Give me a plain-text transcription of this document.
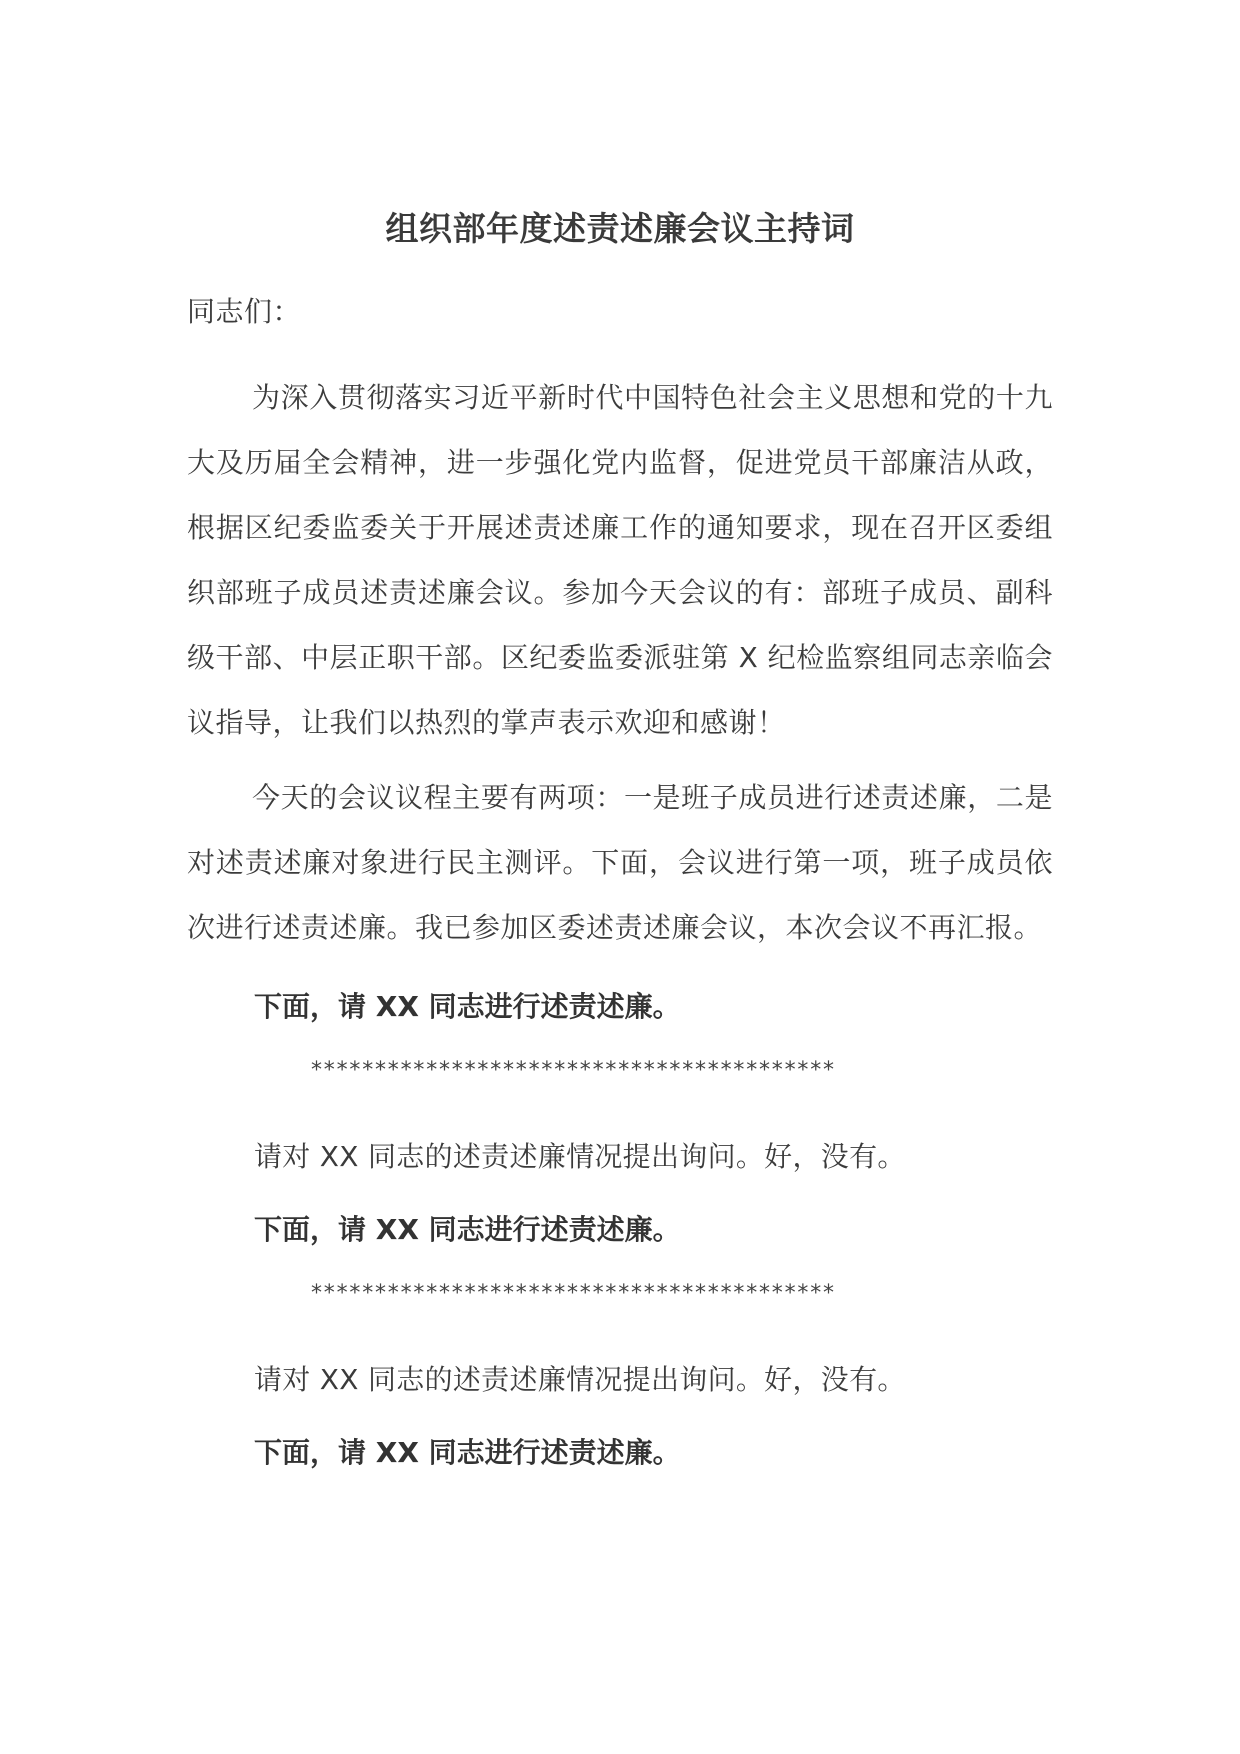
组织部年度述责述廉会议主持词
同志们：
为深入贯彻落实习近平新时代中国特色社会主义思想和党的十九大及历届全会精神，进一步强化党内监督，促进党员干部廉洁从政，根据区纪委监委关于开展述责述廉工作的通知要求，现在召开区委组织部班子成员述责述廉会议。参加今天会议的有：部班子成员、副科级干部、中层正职干部。区纪委监委派驻第 X 纪检监察组同志亲临会议指导，让我们以热烈的掌声表示欢迎和感谢！
今天的会议议程主要有两项：一是班子成员进行述责述廉，二是对述责述廉对象进行民主测评。下面，会议进行第一项，班子成员依次进行述责述廉。我已参加区委述责述廉会议，本次会议不再汇报。
下面，请 XX 同志进行述责述廉。
*****************************************
请对 XX 同志的述责述廉情况提出询问。好，没有。
下面，请 XX 同志进行述责述廉。
*****************************************
请对 XX 同志的述责述廉情况提出询问。好，没有。
下面，请 XX 同志进行述责述廉。
